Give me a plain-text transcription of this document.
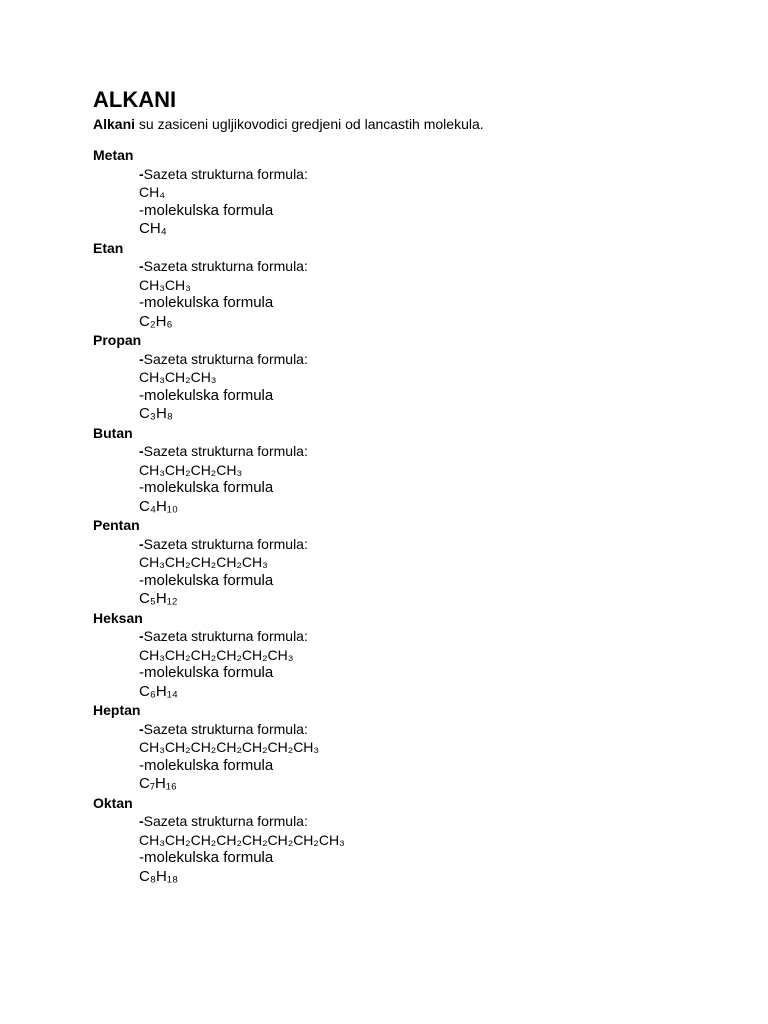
ALKANI

Alkani su zasiceni ugljikovodici gredjeni od lancastih molekula.

Metan
-Sazeta strukturna formula:
CH₄
-molekulska formula
CH₄
Etan
-Sazeta strukturna formula:
CH₃CH₃
-molekulska formula
C₂H₆
Propan
-Sazeta strukturna formula:
CH₃CH₂CH₃
-molekulska formula
C₃H₈
Butan
-Sazeta strukturna formula:
CH₃CH₂CH₂CH₃
-molekulska formula
C₄H₁₀
Pentan
-Sazeta strukturna formula:
CH₃CH₂CH₂CH₂CH₃
-molekulska formula
C₅H₁₂
Heksan
-Sazeta strukturna formula:
CH₃CH₂CH₂CH₂CH₂CH₃
-molekulska formula
C₆H₁₄
Heptan
-Sazeta strukturna formula:
CH₃CH₂CH₂CH₂CH₂CH₂CH₃
-molekulska formula
C₇H₁₆
Oktan
-Sazeta strukturna formula:
CH₃CH₂CH₂CH₂CH₂CH₂CH₂CH₃
-molekulska formula
C₈H₁₈
